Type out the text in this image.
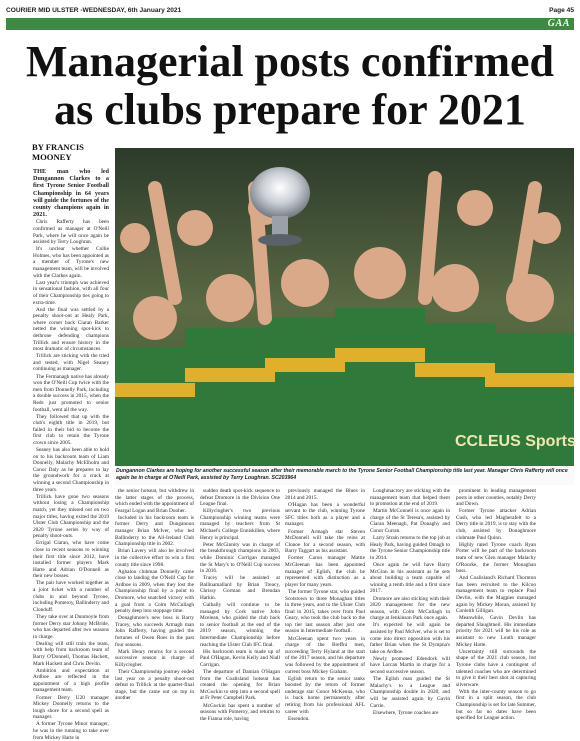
COURIER MID ULSTER -WEDNESDAY, 6th January 2021	Page 45
GAA
Managerial posts confirmed as clubs prepare for 2021
BY FRANCIS MOONEY
CCLEUS Sports
Dungannon Clarkes are hoping for another successful season after their memorable march to the Tyrone Senior Football Championship title last year. Manager Chris Rafferty will once again be in charge at O'Neill Park, assisted by Terry Loughran. SC203964

THE man who led Dungannon Clarkes to a first Tyrone Senior Football Championship in 64 years will guide the fortunes of the county champions again in 2021.

Chris Rafferty has been confirmed as manager at O'Neill Park, where he will once again be assisted by Terry Loughran.

It's unclear whether Collie Holmes, who has been appointed as a member of Tyrone's new management team, will be involved with the Clarkes again.

Last year's triumph was achieved in sensational fashion, with all four of their Championship ties going to extra-time.

And the final was settled by a penalty shoot-out at Healy Park, where corner back Ciaran Barker netted the winning spot-kick to dethrone defending champions Trillick and ensure history in the most dramatic of circumstances.

Trillick are sticking with the tried and tested, with Nigel Seaney continuing as manager.

The Fermanagh native has already won the O'Neill Cup twice with the men from Donnelly Park, including a double success in 2015, when the Reds just promoted to senior football, went all the way.

They followed that up with the club's eighth title in 2019, but failed in their bid to become the first club to retain the Tyrone crown since 2005.

Seaney has also been able to hold on to his backroom team of Liam Donnelly, Malachy McElholm and Conor Daly as he prepares to lay the groundwork for a crack at winning a second Championship in three years.

Trillick have gone two seasons without losing a Championship match, yet they missed out on two major titles, having exited the 2019 Ulster Club Championship and the 2020 Tyrone series by way of penalty shoot-outs.

Errigal Ciaran, who have come close in recent seasons to winning their first title since 2012, have installed former players Mark Harte and Adrian O'Donnell as their new bosses.

The pair have worked together as a joint ticket with a number of clubs in and beyond Tyrone, including Pomeroy, Ballinderry and Clonduff.

They take over at Dunmoyle from former Derry star Johnny McBride, who has departed after two seasons in charge.

Dealing will still train the team, with help from backroom team of Barry O'Donnell, Thomas Hackett, Mark Hackett and Chris Devlin.

Ambition and expectation at Ardboe are reflected in the appointment of a high profile management team.

Former Derry U20 manager Mickey Donnelly returns to the lough shore for a second spell as manager.

A former Tyrone Minor manager, he was in the running to take over from Mickey Harte in

the senior hotseat, but withdrew in the latter stages of the process, which ended with the appointment of Feargal Logan and Brian Dooher.

Included in his backroom team is former Derry and Dungannon manager Brian McIver, who led Ballinderry to the All-Ireland Club Championship title in 2002.

Brian Lavery will also be involved in the collective effort to win a first county title since 1998.

Aghaloo clubman Donnelly came close to landing the O'Neill Cup for Ardboe in 2009, when they lost the Championship final by a point to Dromore, who snatched victory with a goal from a Colm McCullagh penalty deep into stoppage time.

Donaghmore's new boss is Barry Tracey, who succeeds Armagh man John Rafferty, having guided the fortunes of Owen Roes in the past four seasons.

Mark Henry returns for a second successive season in charge of Killyclogher.

Their Championship journey ended last year on a penalty shoot-out defeat to Trillick at the quarter-final stage, but the came out on top in another

sudden death spot-kick sequence to defeat Dromore in the Division One League final.

Killyclogher's two previous Championship winning teams were managed by teachers from St Michael's College Enniskillen, where Henry is principal.

Peter McGinnity was in charge of the breakthrough champions in 2003, while Dominic Corrigan managed the St Mary's to O'Neill Cup success in 2016.

Tracey will be assisted at Ballinamallard by Brian Treacy, Chrissy Gorman and Brendan Harkin.

Galbally will continue to be managed by Cork native John Mcelean, who guided the club back to senior football at the end of the 2019 season, winning the Intermediate Championship before reaching the Ulster Club IFC final.

His backroom team is made up of Paul O'Hagan, Kevin Kelly and Niall Corrigan.

The departure of Damian O'Hagan from the Coalisland hotseat has created the opening for Brian McGuckin to step into a second spell at Fr Peter Campbell Park.

McGuckin has spent a number of seasons with Pomeroy, and returns to the Fianna role, having

previously managed the Blues in 2014 and 2015.

O'Hagan has been a wonderful servant to the club, winning Tyrone SFC titles both as a player and a manager.

Former Armagh star Steven McDonnell will take the reins at Clonoe for a second season, with Barry Taggart as his assistant.

Former Caron manager Mattie McGleenan has been appointed manager of Eglish, the club he represented with distinction as a player for many years.

The former Tyrone star, who guided Scotstown to three Monaghan titles in three years, and to the Ulster Club final in 2015, takes over from Paul Geary, who took the club back to the top tier last season after just one season in Intermediate football.

McGleenan spent two years in charge of the Breffni men, succeeding Terry Hyland at the start of the 2017 season, and his departure was followed by the appointment of current boss Mickey Graham.

Eglish return to the senior ranks boosted by the return of former underage star Conor McKenna, who is back home permanently after retiring from his professional AFL career with

Essendon.

Loughmacrory are sticking with the management team that helped them to promotion at the end of 2019.

Martin McConnell is once again in charge of the St Teresa's, assisted by Ciaran Meenagh, Pat Donaghy and Conor Curran.

Larry Strain returns to the top job at Healy Park, having guided Omagh to the Tyrone Senior Championship title in 2014.

Once again he will have Barry McGinn in his assistant as he sets about building a team capable of winning a tenth title and a first since 2017.

Dromore are also sticking with their 2020 management for the new season, with Colm McCullagh in charge at Jenkinson Park once again.

It's expected he will again be assisted by Paul McIver, who is set to come into direct opposition with his father Brian when the St Dympna's take on Ardboe.

Newly promoted Edendork will have Lorcan Martin in charge for a second successive season.

The Eglish man guided the St Malachy's to a League and Championship double in 2020, and will be assisted again by Gavin Currie.

Elsewhere, Tyrone coaches are

prominent in leading management posts in other counties, notably Derry and Down.

Former Tyrone attacker Adrian Cush, who led Magherafelt to a Derry title in 2019, is to stay with the club, assisted by Donaghmore clubmate Paul Quinn.

Highly rated Tyrone coach Ryan Porter will be part of the backroom team of new Glen manager Malachy O'Rourke, the former Monaghan boss.

And Coalisland's Richard Thornton has been recruited to the Kilcoo management team to replace Paul Devlin, with the Magpies managed again by Mickey Moran, assisted by Conleith Gilligan.

Meanwhile, Gavin Devlin has departed Slaughtneil. His immediate priority for 2021 will be his role as assistant to new Louth manager Mickey Harte.

Uncertainty still surrounds the shape of the 2021 club season, but Tyrone clubs have a contingent of talented coaches who are determined to give it their best shot at capturing silverware.

With the inter-county season to go first in a split season, the club Championship is set for late Summer, but so far no dates have been specified for League action.
